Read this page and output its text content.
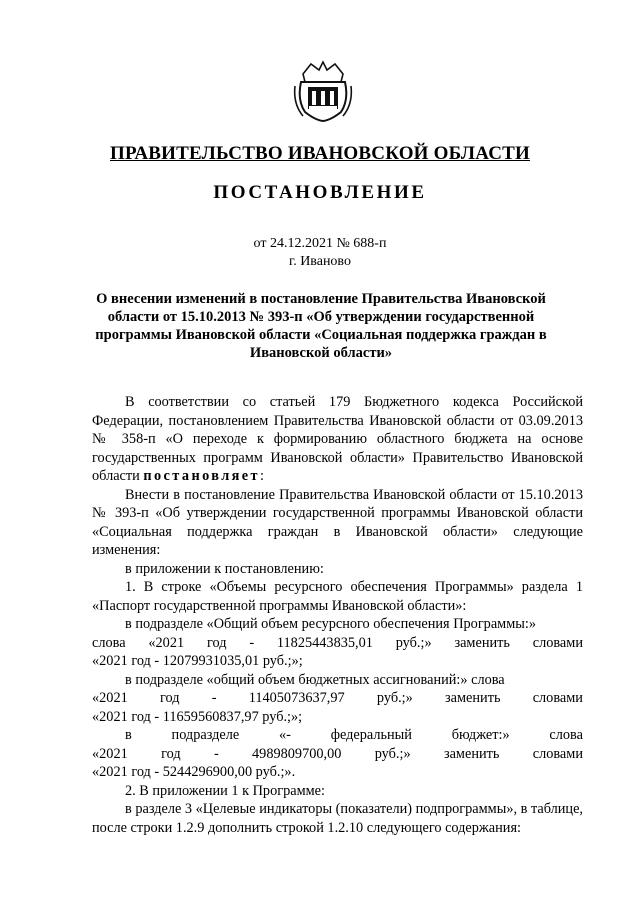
ПРАВИТЕЛЬСТВО ИВАНОВСКОЙ ОБЛАСТИ
ПОСТАНОВЛЕНИЕ
от 24.12.2021 № 688-п
г. Иваново
О внесении изменений в постановление Правительства Ивановской области от 15.10.2013 № 393-п «Об утверждении государственной программы Ивановской области «Социальная поддержка граждан в Ивановской области»

В соответствии со статьей 179 Бюджетного кодекса Российской Федерации, постановлением Правительства Ивановской области от 03.09.2013 № 358-п «О переходе к формированию областного бюджета на основе государственных программ Ивановской области» Правительство Ивановской области постановляет:

Внести в постановление Правительства Ивановской области от 15.10.2013 № 393-п «Об утверждении государственной программы Ивановской области «Социальная поддержка граждан в Ивановской области» следующие изменения:

в приложении к постановлению:

1. В строке «Объемы ресурсного обеспечения Программы» раздела 1 «Паспорт государственной программы Ивановской области»:

в подразделе «Общий объем ресурсного обеспечения Программы:»

слова «2021 год - 11825443835,01 руб.;» заменить словами

«2021 год - 12079931035,01 руб.;»;

в подразделе «общий объем бюджетных ассигнований:» слова

«2021 год - 11405073637,97 руб.;» заменить словами

«2021 год - 11659560837,97 руб.;»;

в	подразделе	«-	федеральный	бюджет:»	слова
«2021 год - 4989809700,00 руб.;» заменить словами

«2021 год - 5244296900,00 руб.;».

2. В приложении 1 к Программе:

в разделе 3 «Целевые индикаторы (показатели) подпрограммы», в таблице, после строки 1.2.9 дополнить строкой 1.2.10 следующего содержания:
